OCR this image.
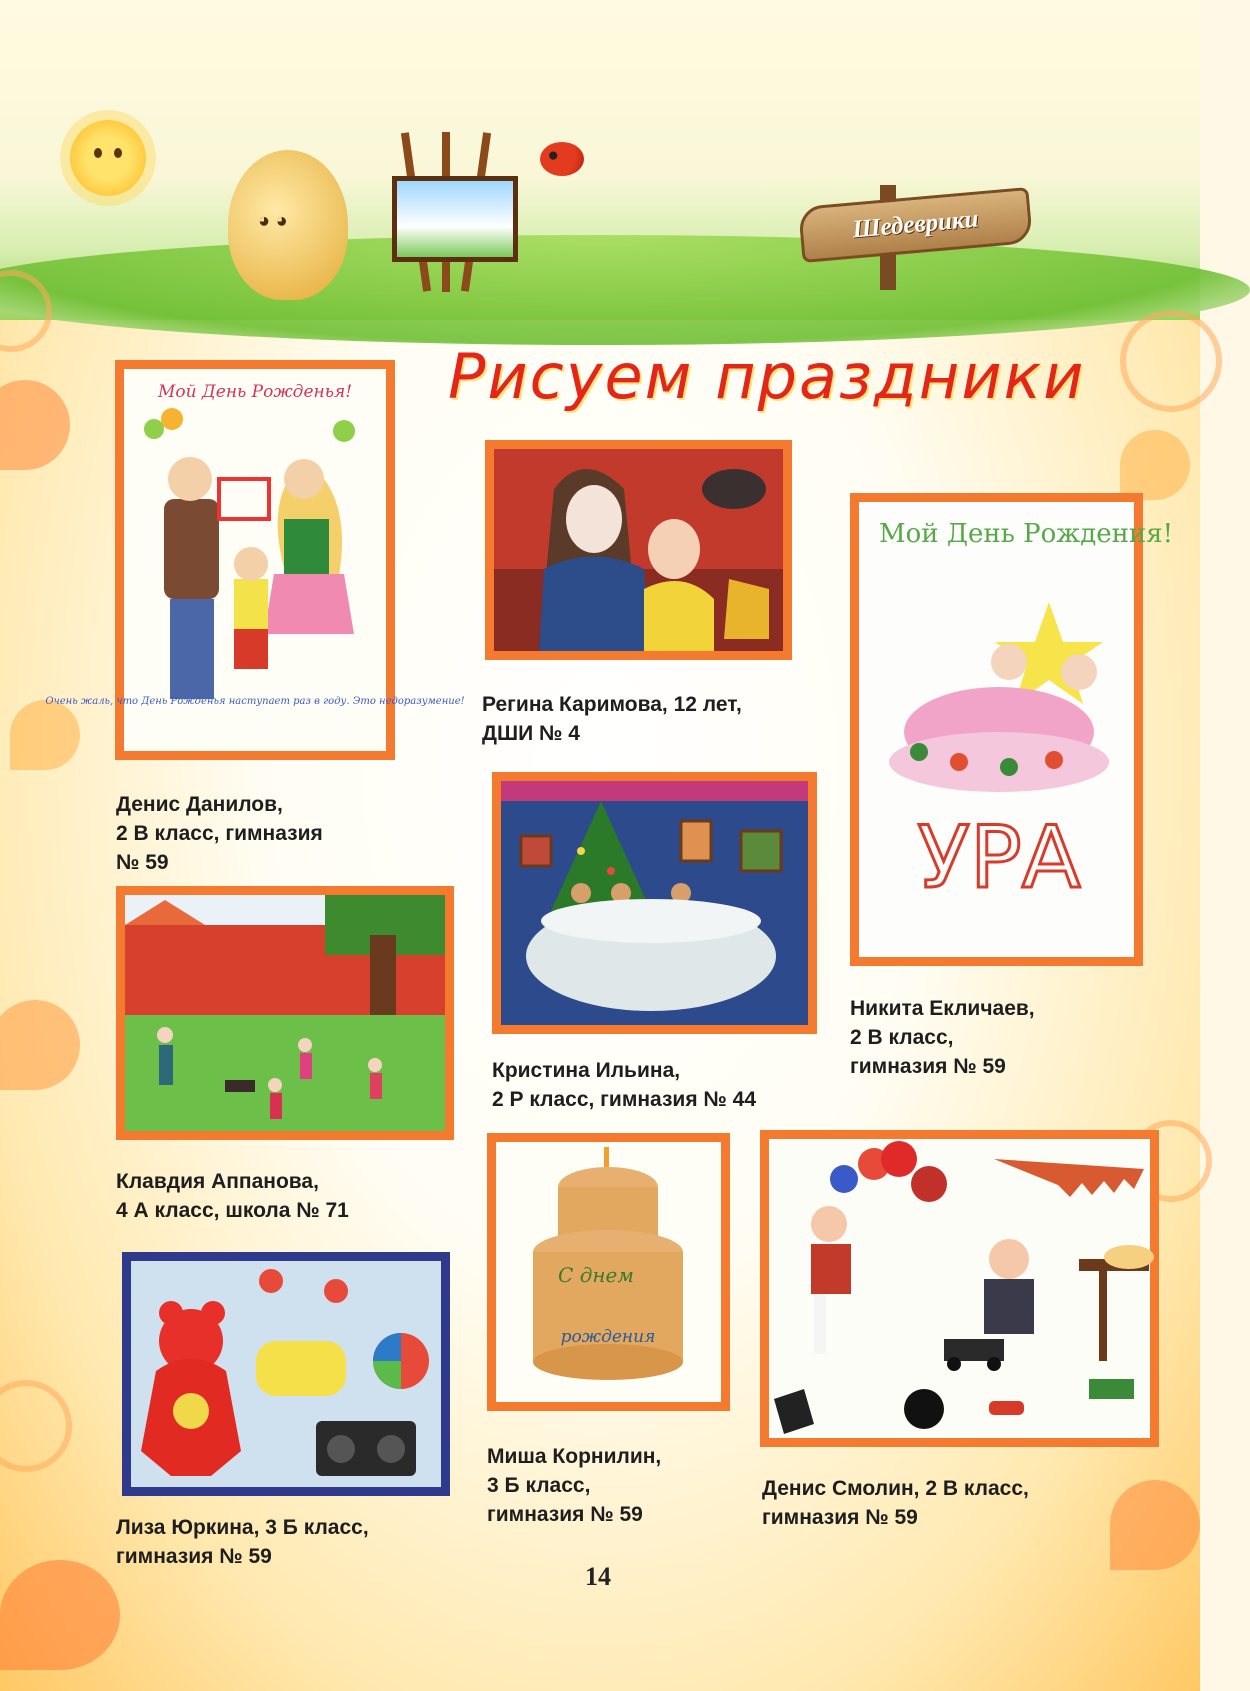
◕ ◕	Шедеврики
Рисуем праздники
Мой День Рожденья!
Очень жаль, что День Рожденья наступает раз в году. Это недоразумение!
Денис Данилов,
2 В класс, гимназия
№ 59
Регина Каримова, 12 лет,
ДШИ № 4
Мой День Рождения!
УРА
Никита Екличаев,
2 В класс,
гимназия № 59
Клавдия Аппанова,
4 А класс, школа № 71
Кристина Ильина,
2 Р класс, гимназия № 44
Лиза Юркина, 3 Б класс,
гимназия № 59
С днем
рождения
Миша Корнилин,
3 Б класс,
гимназия № 59
Денис Смолин, 2 В класс,
гимназия № 59
14
